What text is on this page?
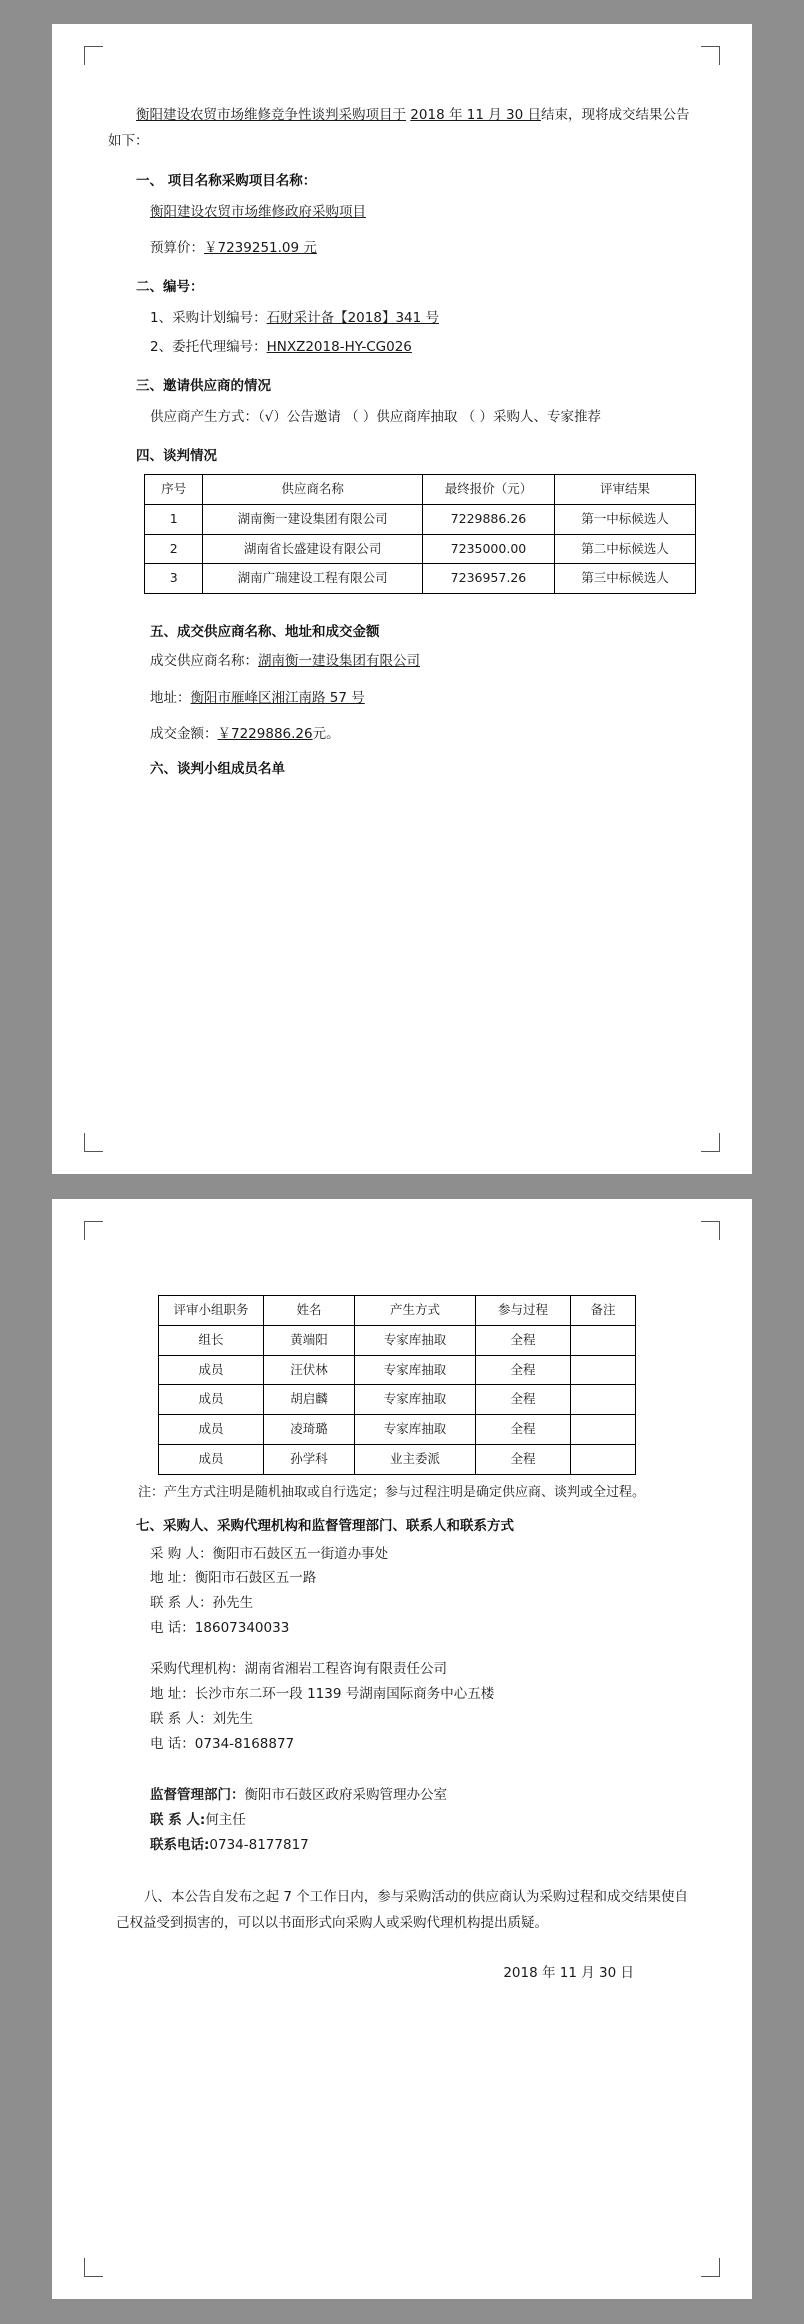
衡阳建设农贸市场维修竞争性谈判采购项目于 2018 年 11 月 30 日结束，现将成交结果公告如下：

一、 项目名称采购项目名称：

衡阳建设农贸市场维修政府采购项目

预算价：￥7239251.09 元

二、编号：

1、采购计划编号：石财采计备【2018】341 号

2、委托代理编号：HNXZ2018-HY-CG026

三、邀请供应商的情况

供应商产生方式：（√）公告邀请 （ ）供应商库抽取 （ ）采购人、专家推荐

四、谈判情况
序号	供应商名称	最终报价（元）	评审结果
1	湖南衡一建设集团有限公司	7229886.26	第一中标候选人
2	湖南省长盛建设有限公司	7235000.00	第二中标候选人
3	湖南广瑞建设工程有限公司	7236957.26	第三中标候选人
五、成交供应商名称、地址和成交金额

成交供应商名称：湖南衡一建设集团有限公司

地址：衡阳市雁峰区湘江南路 57 号

成交金额：￥7229886.26元。

六、谈判小组成员名单
评审小组职务	姓名	产生方式	参与过程	备注
组长	黄端阳	专家库抽取	全程	
成员	汪伏林	专家库抽取	全程	
成员	胡启麟	专家库抽取	全程	
成员	凌琦璐	专家库抽取	全程	
成员	孙学科	业主委派	全程	
注：产生方式注明是随机抽取或自行选定；参与过程注明是确定供应商、谈判或全过程。
七、采购人、采购代理机构和监督管理部门、联系人和联系方式
采 购 人：衡阳市石鼓区五一街道办事处
地 址：衡阳市石鼓区五一路
联 系 人：孙先生
电 话：18607340033
采购代理机构：湖南省湘岩工程咨询有限责任公司
地 址：长沙市东二环一段 1139 号湖南国际商务中心五楼
联 系 人：刘先生
电 话：0734-8168877
监督管理部门：衡阳市石鼓区政府采购管理办公室
联 系 人:何主任
联系电话:0734-8177817

八、本公告自发布之起 7 个工作日内，参与采购活动的供应商认为采购过程和成交结果使自己权益受到损害的，可以以书面形式向采购人或采购代理机构提出质疑。

2018 年 11 月 30 日
